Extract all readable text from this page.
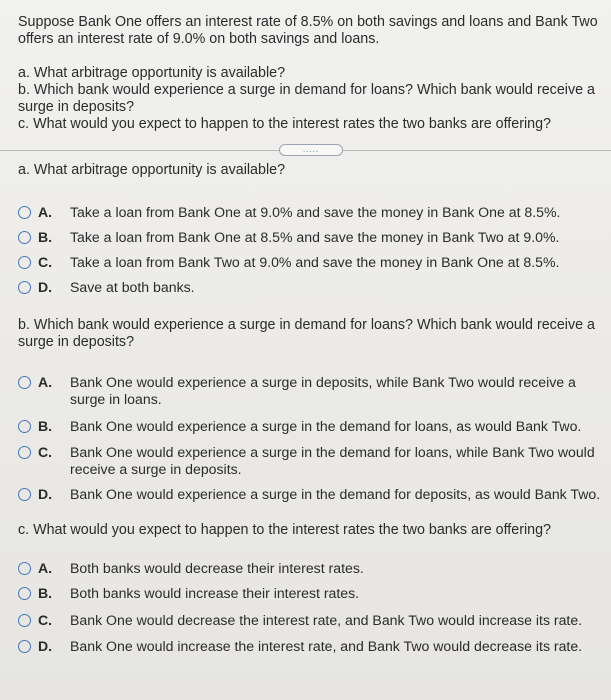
Suppose Bank One offers an interest rate of 8.5% on both savings and loans and Bank Two offers an interest rate of 9.0% on both savings and loans.

a. What arbitrage opportunity is available?

b. Which bank would experience a surge in demand for loans? Which bank would receive a surge in deposits?

c. What would you expect to happen to the interest rates the two banks are offering?

.....

a. What arbitrage opportunity is available?

A.	Take a loan from Bank One at 9.0% and save the money in Bank One at 8.5%.
B.	Take a loan from Bank One at 8.5% and save the money in Bank Two at 9.0%.
C.	Take a loan from Bank Two at 9.0% and save the money in Bank One at 8.5%.
D.	Save at both banks.

b. Which bank would experience a surge in demand for loans? Which bank would receive a surge in deposits?

A.	Bank One would experience a surge in deposits, while Bank Two would receive a surge in loans.
B.	Bank One would experience a surge in the demand for loans, as would Bank Two.
C.	Bank One would experience a surge in the demand for loans, while Bank Two would receive a surge in deposits.
D.	Bank One would experience a surge in the demand for deposits, as would Bank Two.

c. What would you expect to happen to the interest rates the two banks are offering?

A.	Both banks would decrease their interest rates.
B.	Both banks would increase their interest rates.
C.	Bank One would decrease the interest rate, and Bank Two would increase its rate.
D.	Bank One would increase the interest rate, and Bank Two would decrease its rate.
